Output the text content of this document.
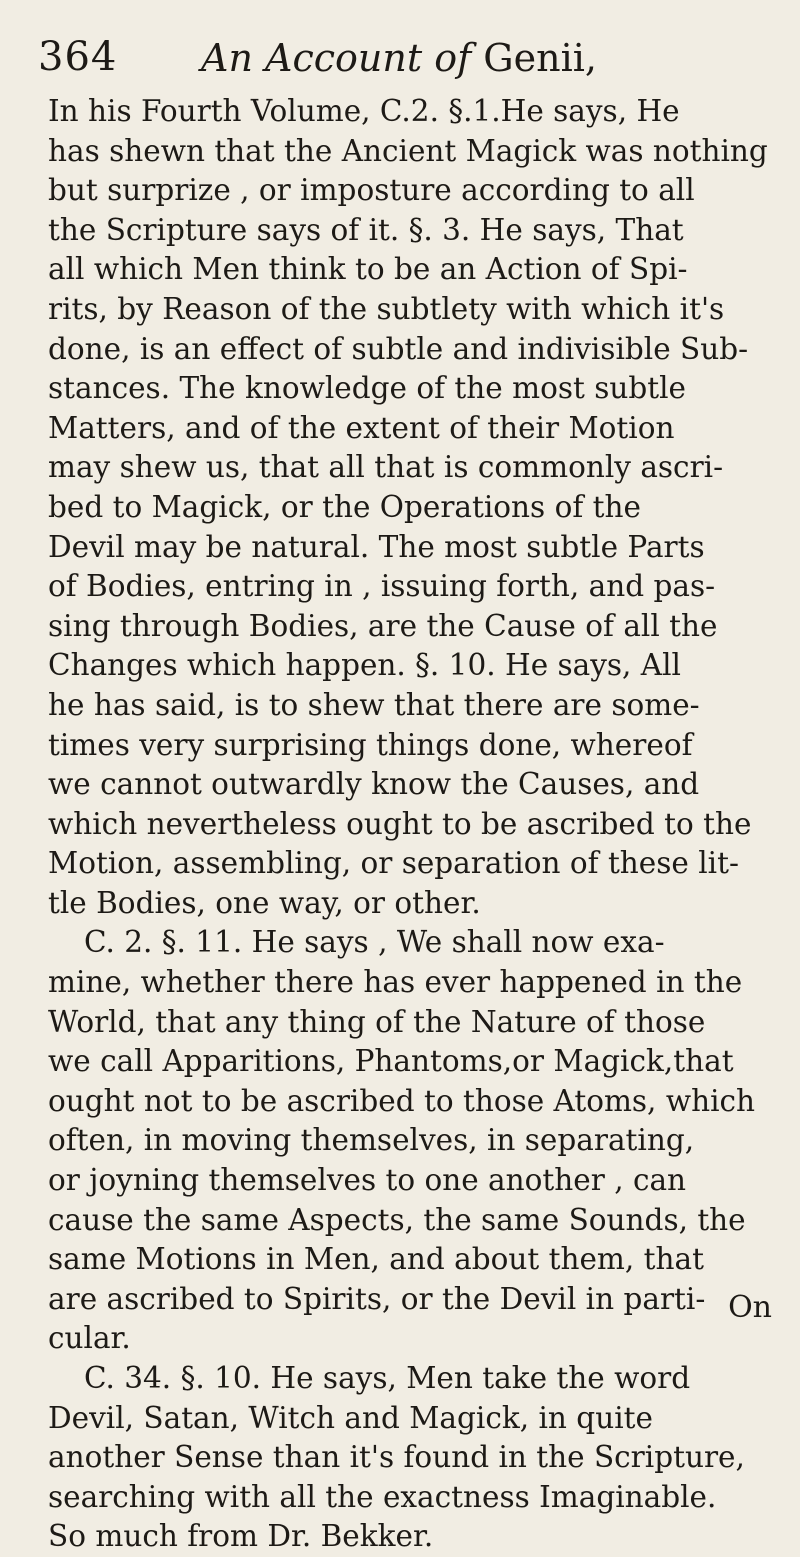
364	An Account of Genii,
In his Fourth Volume, C.2. §.1.He says, He
has shewn that the Ancient Magick was nothing
but surprize , or imposture according to all
the Scripture says of it. §. 3. He says, That
all which Men think to be an Action of Spi-
rits, by Reason of the subtlety with which it's
done, is an effect of subtle and indivisible Sub-
stances. The knowledge of the most subtle
Matters, and of the extent of their Motion
may shew us, that all that is commonly ascri-
bed to Magick, or the Operations of the
Devil may be natural. The most subtle Parts
of Bodies, entring in , issuing forth, and pas-
sing through Bodies, are the Cause of all the
Changes which happen. §. 10. He says, All
he has said, is to shew that there are some-
times very surprising things done, whereof
we cannot outwardly know the Causes, and
which nevertheless ought to be ascribed to the
Motion, assembling, or separation of these lit-
tle Bodies, one way, or other.
C. 2. §. 11. He says , We shall now exa-
mine, whether there has ever happened in the
World, that any thing of the Nature of those
we call Apparitions, Phantoms,or Magick,that
ought not to be ascribed to those Atoms, which
often, in moving themselves, in separating,
or joyning themselves to one another , can
cause the same Aspects, the same Sounds, the
same Motions in Men, and about them, that
are ascribed to Spirits, or the Devil in parti-
cular.
C. 34. §. 10. He says, Men take the word
Devil, Satan, Witch and Magick, in quite
another Sense than it's found in the Scripture,
searching with all the exactness Imaginable.
So much from Dr. Bekker.
On
